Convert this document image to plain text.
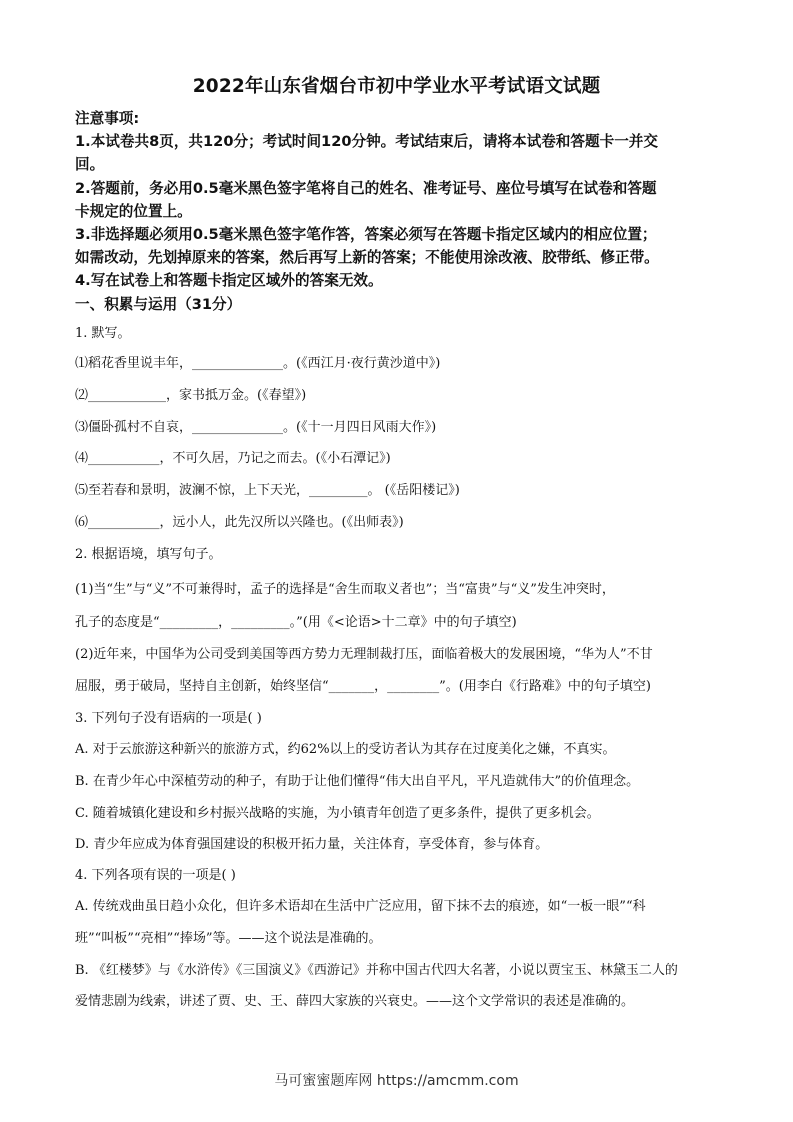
2022年山东省烟台市初中学业水平考试语文试题
注意事项:
1.本试卷共8页，共120分；考试时间120分钟。考试结束后，请将本试卷和答题卡一并交
回。
2.答题前，务必用0.5毫米黑色签字笔将自己的姓名、准考证号、座位号填写在试卷和答题
卡规定的位置上。
3.非选择题必须用0.5毫米黑色签字笔作答，答案必须写在答题卡指定区域内的相应位置；
如需改动，先划掉原来的答案，然后再写上新的答案；不能使用涂改液、胶带纸、修正带。
4.写在试卷上和答题卡指定区域外的答案无效。
一、积累与运用（31分）
1. 默写。
⑴稻花香里说丰年，______________。(《西江月·夜行黄沙道中》)
⑵____________，家书抵万金。(《春望》)
⑶僵卧孤村不自哀，______________。(《十一月四日风雨大作》)
⑷___________，不可久居，乃记之而去。(《小石潭记》)
⑸至若春和景明，波澜不惊，上下天光，_________。 (《岳阳楼记》)
⑹___________，远小人，此先汉所以兴隆也。(《出师表》)
2. 根据语境，填写句子。
(1)当“生”与“义”不可兼得时，孟子的选择是“舍生而取义者也”；当“富贵”与“义”发生冲突时，
孔子的态度是“_________，_________。”(用《<论语>十二章》中的句子填空)
(2)近年来，中国华为公司受到美国等西方势力无理制裁打压，面临着极大的发展困境，“华为人”不甘
屈服，勇于破局，坚持自主创新，始终坚信“_______，________”。(用李白《行路难》中的句子填空)
3. 下列句子没有语病的一项是( )
A. 对于云旅游这种新兴的旅游方式，约62%以上的受访者认为其存在过度美化之嫌，不真实。
B. 在青少年心中深植劳动的种子，有助于让他们懂得“伟大出自平凡，平凡造就伟大”的价值理念。
C. 随着城镇化建设和乡村振兴战略的实施，为小镇青年创造了更多条件，提供了更多机会。
D. 青少年应成为体育强国建设的积极开拓力量，关注体育，享受体育，参与体育。
4. 下列各项有误的一项是( )
A. 传统戏曲虽日趋小众化，但许多术语却在生活中广泛应用，留下抹不去的痕迹，如“一板一眼”“科
班”“叫板”“亮相”“捧场”等。——这个说法是准确的。
B. 《红楼梦》与《水浒传》《三国演义》《西游记》并称中国古代四大名著，小说以贾宝玉、林黛玉二人的
爱情悲剧为线索，讲述了贾、史、王、薛四大家族的兴衰史。——这个文学常识的表述是准确的。
马可蜜蜜题库网 https://amcmm.com
